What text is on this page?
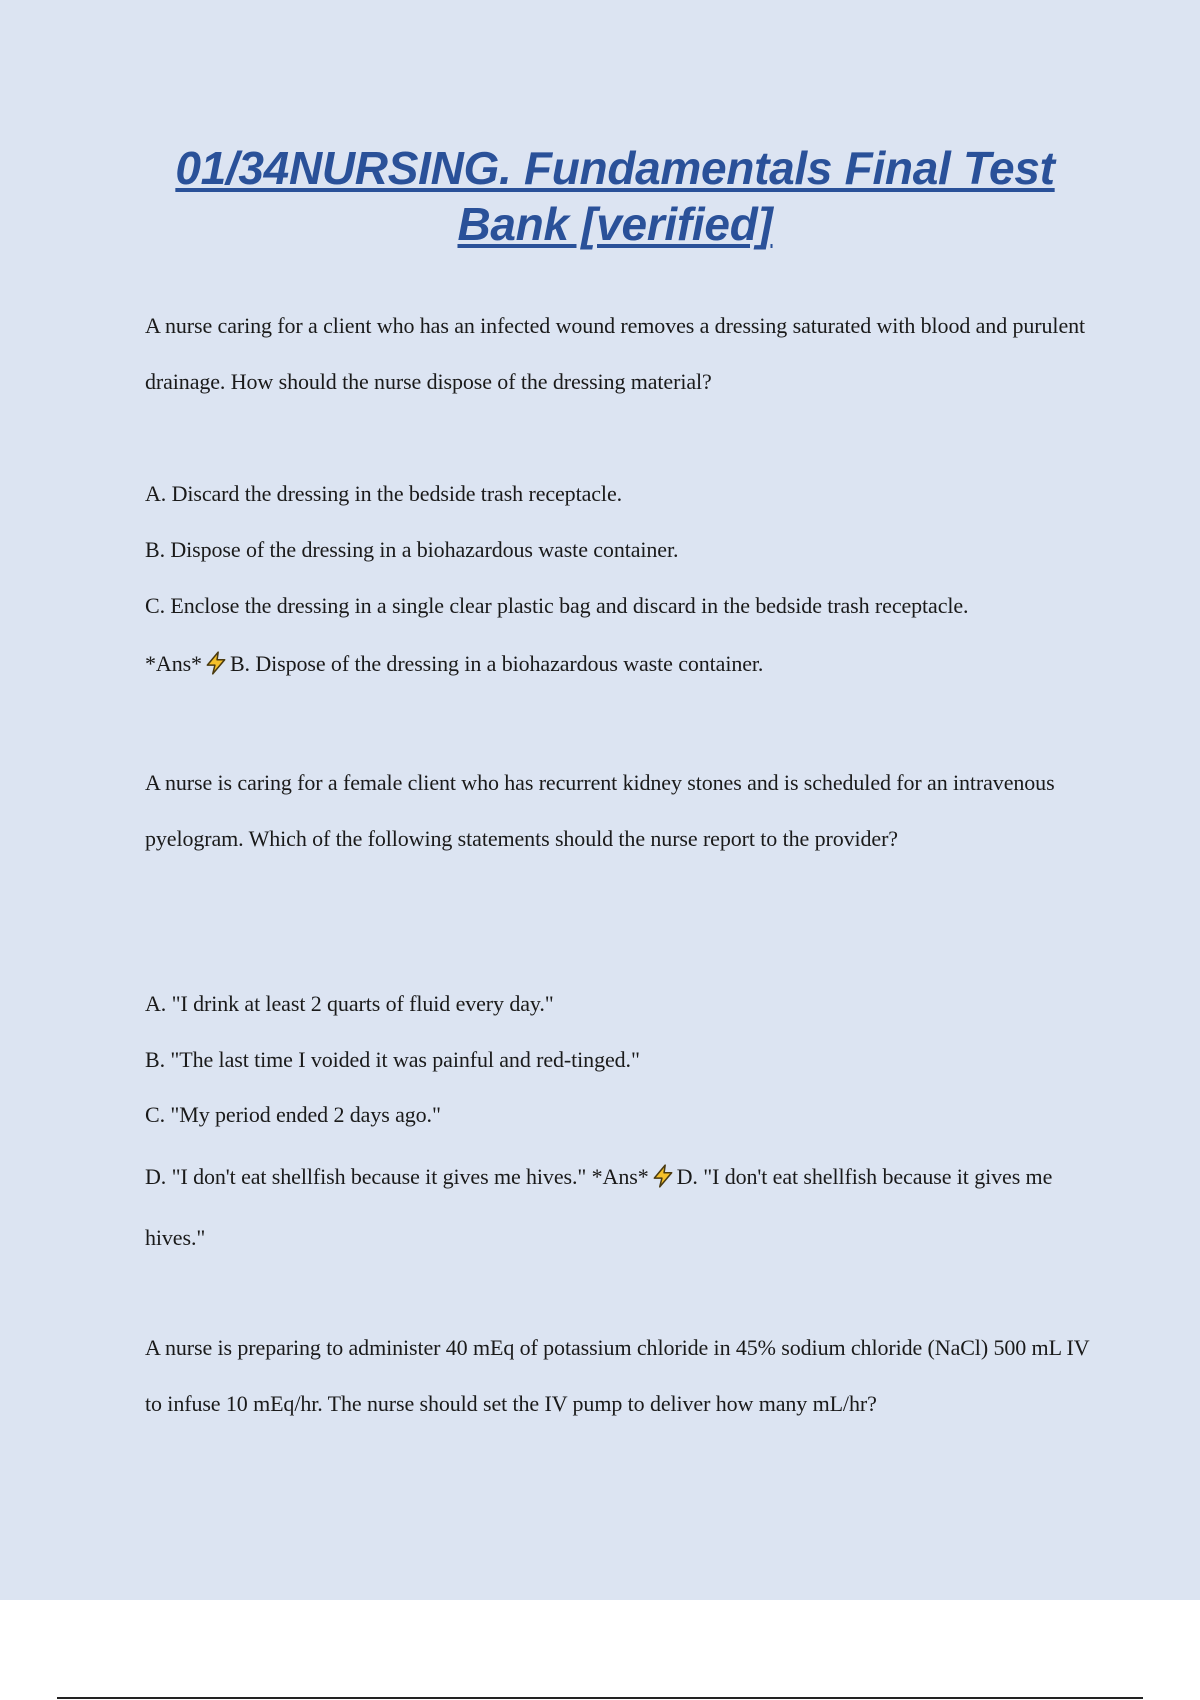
01/34NURSING. Fundamentals Final Test Bank [verified]

A nurse caring for a client who has an infected wound removes a dressing saturated with blood and purulent drainage. How should the nurse dispose of the dressing material?

A. Discard the dressing in the bedside trash receptacle.

B. Dispose of the dressing in a biohazardous waste container.

C. Enclose the dressing in a single clear plastic bag and discard in the bedside trash receptacle.

*Ans* B. Dispose of the dressing in a biohazardous waste container.

A nurse is caring for a female client who has recurrent kidney stones and is scheduled for an intravenous pyelogram. Which of the following statements should the nurse report to the provider?

A. "I drink at least 2 quarts of fluid every day."

B. "The last time I voided it was painful and red-tinged."

C. "My period ended 2 days ago."

D. "I don't eat shellfish because it gives me hives." *Ans* D. "I don't eat shellfish because it gives me hives."

A nurse is preparing to administer 40 mEq of potassium chloride in 45% sodium chloride (NaCl) 500 mL IV to infuse 10 mEq/hr. The nurse should set the IV pump to deliver how many mL/hr?
